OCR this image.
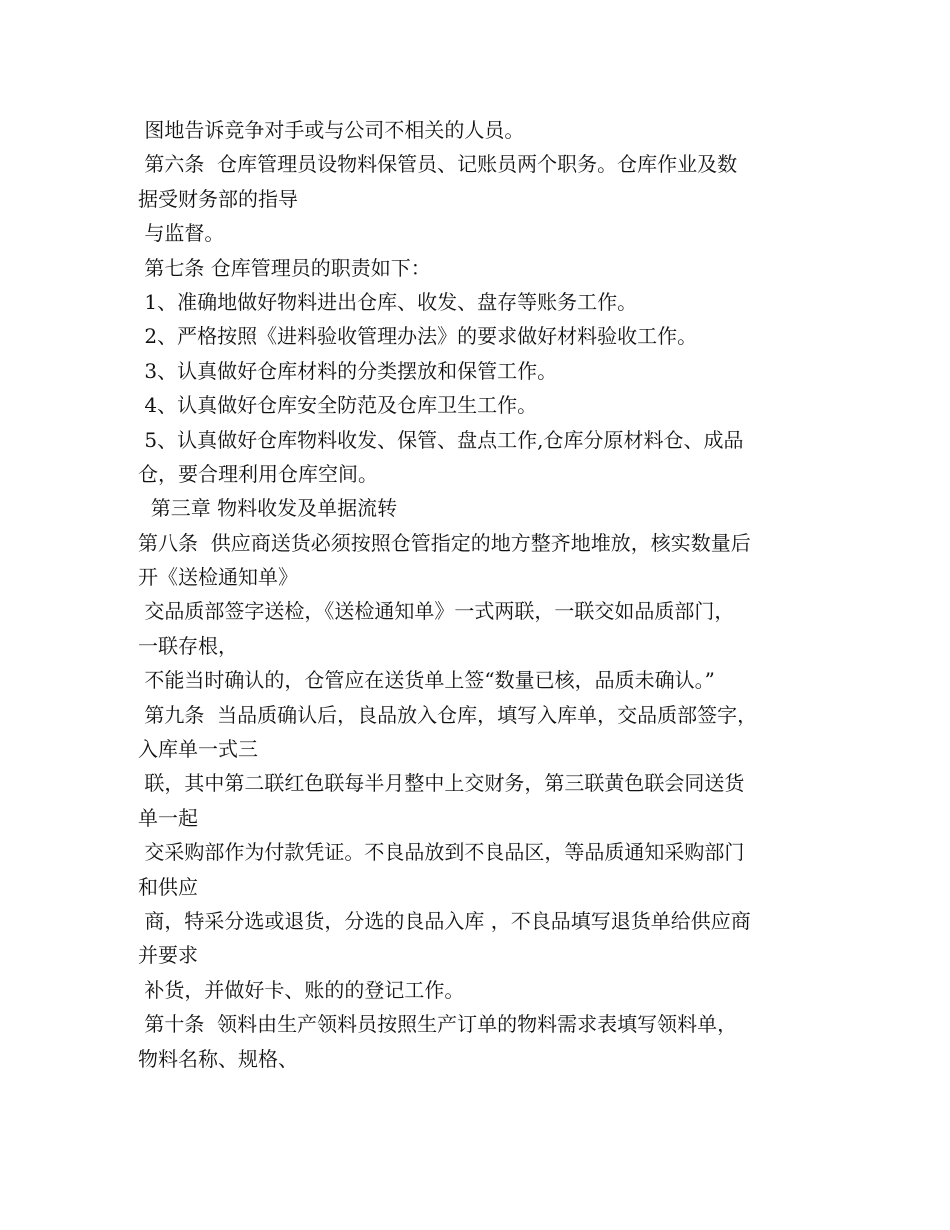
图地告诉竞争对手或与公司不相关的人员。
第六条  仓库管理员设物料保管员、记账员两个职务。仓库作业及数
据受财务部的指导
与监督。
第七条 仓库管理员的职责如下：
1、准确地做好物料进出仓库、收发、盘存等账务工作。
2、严格按照《进料验收管理办法》的要求做好材料验收工作。
3、认真做好仓库材料的分类摆放和保管工作。
4、认真做好仓库安全防范及仓库卫生工作。
5、认真做好仓库物料收发、保管、盘点工作,仓库分原材料仓、成品
仓，要合理利用仓库空间。
第三章 物料收发及单据流转
第八条  供应商送货必须按照仓管指定的地方整齐地堆放，核实数量后
开《送检通知单》
交品质部签字送检，《送检通知单》一式两联，一联交如品质部门，
一联存根，
不能当时确认的，仓管应在送货单上签“数量已核，品质未确认。”
第九条  当品质确认后，良品放入仓库，填写入库单，交品质部签字，
入库单一式三
联，其中第二联红色联每半月整中上交财务，第三联黄色联会同送货
单一起
交采购部作为付款凭证。不良品放到不良品区，等品质通知采购部门
和供应
商，特采分选或退货，分选的良品入库 ，不良品填写退货单给供应商
并要求
补货，并做好卡、账的的登记工作。
第十条  领料由生产领料员按照生产订单的物料需求表填写领料单，
物料名称、规格、
